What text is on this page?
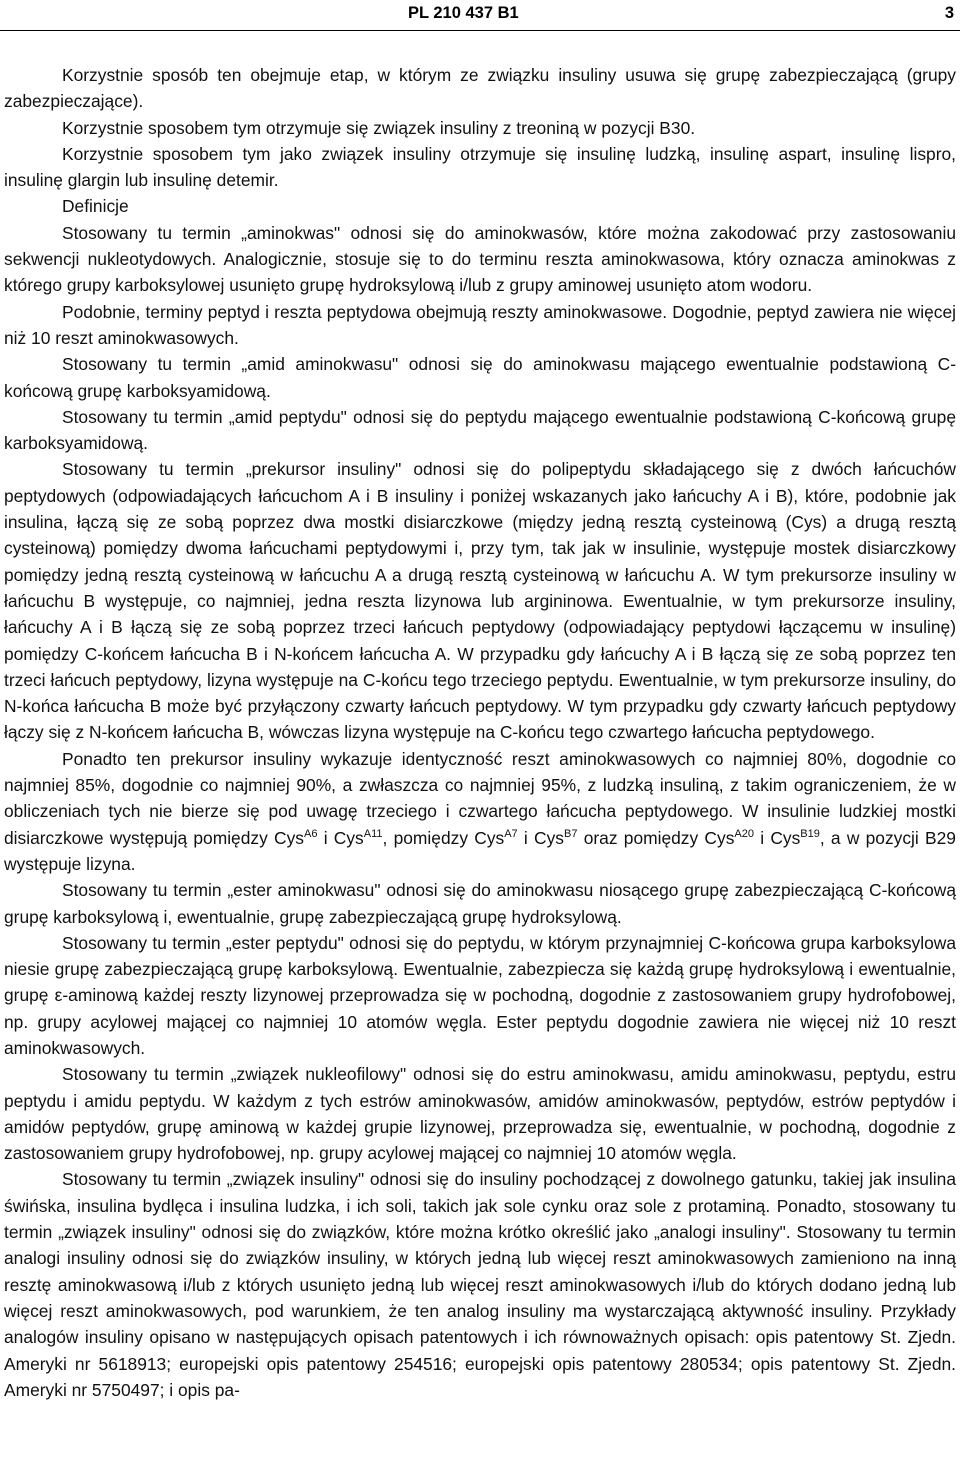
PL 210 437 B1	3

Korzystnie sposób ten obejmuje etap, w którym ze związku insuliny usuwa się grupę zabezpieczającą (grupy zabezpieczające).

Korzystnie sposobem tym otrzymuje się związek insuliny z treoniną w pozycji B30.

Korzystnie sposobem tym jako związek insuliny otrzymuje się insulinę ludzką, insulinę aspart, insulinę lispro, insulinę glargin lub insulinę detemir.

Definicje

Stosowany tu termin „aminokwas" odnosi się do aminokwasów, które można zakodować przy zastosowaniu sekwencji nukleotydowych. Analogicznie, stosuje się to do terminu reszta aminokwasowa, który oznacza aminokwas z którego grupy karboksylowej usunięto grupę hydroksylową i/lub z grupy aminowej usunięto atom wodoru.

Podobnie, terminy peptyd i reszta peptydowa obejmują reszty aminokwasowe. Dogodnie, peptyd zawiera nie więcej niż 10 reszt aminokwasowych.

Stosowany tu termin „amid aminokwasu" odnosi się do aminokwasu mającego ewentualnie podstawioną C-końcową grupę karboksyamidową.

Stosowany tu termin „amid peptydu" odnosi się do peptydu mającego ewentualnie podstawioną C-końcową grupę karboksyamidową.

Stosowany tu termin „prekursor insuliny" odnosi się do polipeptydu składającego się z dwóch łańcuchów peptydowych (odpowiadających łańcuchom A i B insuliny i poniżej wskazanych jako łańcuchy A i B), które, podobnie jak insulina, łączą się ze sobą poprzez dwa mostki disiarczkowe (między jedną resztą cysteinową (Cys) a drugą resztą cysteinową) pomiędzy dwoma łańcuchami peptydowymi i, przy tym, tak jak w insulinie, występuje mostek disiarczkowy pomiędzy jedną resztą cysteinową w łańcuchu A a drugą resztą cysteinową w łańcuchu A. W tym prekursorze insuliny w łańcuchu B występuje, co najmniej, jedna reszta lizynowa lub argininowa. Ewentualnie, w tym prekursorze insuliny, łańcuchy A i B łączą się ze sobą poprzez trzeci łańcuch peptydowy (odpowiadający peptydowi łączącemu w insulinę) pomiędzy C-końcem łańcucha B i N-końcem łańcucha A. W przypadku gdy łańcuchy A i B łączą się ze sobą poprzez ten trzeci łańcuch peptydowy, lizyna występuje na C-końcu tego trzeciego peptydu. Ewentualnie, w tym prekursorze insuliny, do N-końca łańcucha B może być przyłączony czwarty łańcuch peptydowy. W tym przypadku gdy czwarty łańcuch peptydowy łączy się z N-końcem łańcucha B, wówczas lizyna występuje na C-końcu tego czwartego łańcucha peptydowego.

Ponadto ten prekursor insuliny wykazuje identyczność reszt aminokwasowych co najmniej 80%, dogodnie co najmniej 85%, dogodnie co najmniej 90%, a zwłaszcza co najmniej 95%, z ludzką insuliną, z takim ograniczeniem, że w obliczeniach tych nie bierze się pod uwagę trzeciego i czwartego łańcucha peptydowego. W insulinie ludzkiej mostki disiarczkowe występują pomiędzy Cys$^{A6}$ i Cys$^{A11}$, pomiędzy Cys$^{A7}$ i Cys$^{B7}$ oraz pomiędzy Cys$^{A20}$ i Cys$^{B19}$, a w pozycji B29 występuje lizyna.

Stosowany tu termin „ester aminokwasu" odnosi się do aminokwasu niosącego grupę zabezpieczającą C-końcową grupę karboksylową i, ewentualnie, grupę zabezpieczającą grupę hydroksylową.

Stosowany tu termin „ester peptydu" odnosi się do peptydu, w którym przynajmniej C-końcowa grupa karboksylowa niesie grupę zabezpieczającą grupę karboksylową. Ewentualnie, zabezpiecza się każdą grupę hydroksylową i ewentualnie, grupę ε-aminową każdej reszty lizynowej przeprowadza się w pochodną, dogodnie z zastosowaniem grupy hydrofobowej, np. grupy acylowej mającej co najmniej 10 atomów węgla. Ester peptydu dogodnie zawiera nie więcej niż 10 reszt aminokwasowych.

Stosowany tu termin „związek nukleofilowy" odnosi się do estru aminokwasu, amidu aminokwasu, peptydu, estru peptydu i amidu peptydu. W każdym z tych estrów aminokwasów, amidów aminokwasów, peptydów, estrów peptydów i amidów peptydów, grupę aminową w każdej grupie lizynowej, przeprowadza się, ewentualnie, w pochodną, dogodnie z zastosowaniem grupy hydrofobowej, np. grupy acylowej mającej co najmniej 10 atomów węgla.

Stosowany tu termin „związek insuliny" odnosi się do insuliny pochodzącej z dowolnego gatunku, takiej jak insulina świńska, insulina bydlęca i insulina ludzka, i ich soli, takich jak sole cynku oraz sole z protaminą. Ponadto, stosowany tu termin „związek insuliny" odnosi się do związków, które można krótko określić jako „analogi insuliny". Stosowany tu termin analogi insuliny odnosi się do związków insuliny, w których jedną lub więcej reszt aminokwasowych zamieniono na inną resztę aminokwasową i/lub z których usunięto jedną lub więcej reszt aminokwasowych i/lub do których dodano jedną lub więcej reszt aminokwasowych, pod warunkiem, że ten analog insuliny ma wystarczającą aktywność insuliny. Przykłady analogów insuliny opisano w następujących opisach patentowych i ich równoważnych opisach: opis patentowy St. Zjedn. Ameryki nr 5618913; europejski opis patentowy 254516; europejski opis patentowy 280534; opis patentowy St. Zjedn. Ameryki nr 5750497; i opis pa-
